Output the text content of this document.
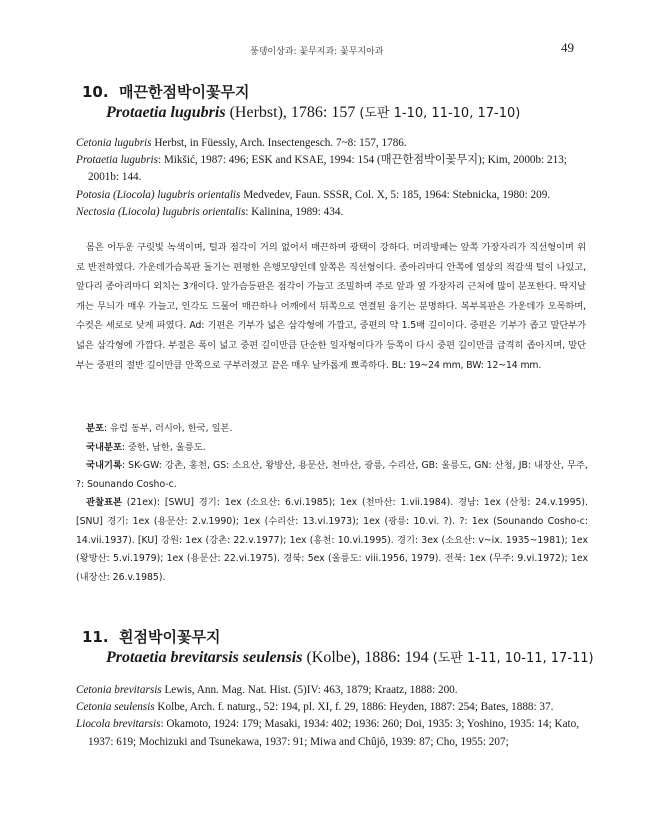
풍뎅이상과: 꽃무지과: 꽃무지아과	49
10. 매끈한점박이꽃무지
Protaetia lugubris (Herbst), 1786: 157 (도판 1-10, 11-10, 17-10)
Cetonia lugubris Herbst, in Füessly, Arch. Insectengesch. 7~8: 157, 1786.
Protaetia lugubris: Mikšić, 1987: 496; ESK and KSAE, 1994: 154 (매끈한점박이꽃무지); Kim, 2000b: 213; 2001b: 144.
Potosia (Liocola) lugubris orientalis Medvedev, Faun. SSSR, Col. X, 5: 185, 1964: Stebnicka, 1980: 209.
Nectosia (Liocola) lugubris orientalis: Kalinina, 1989: 434.
몸은 어두운 구릿빛 녹색이며, 털과 점각이 거의 없어서 매끈하며 광택이 강하다. 머리방패는 앞쪽 가장자리가 직선형이며 위로 반전하였다. 가운데가슴복판 돌기는 편평한 은행모양인데 앞쪽은 직선형이다. 종아리마디 안쪽에 열상의 적갈색 털이 나있고, 앞다리 종아리마디 외치는 3개이다. 앞가슴등판은 점각이 가늘고 조밀하며 주로 앞과 옆 가장자리 근처에 많이 분포한다. 딱지날개는 무늬가 매우 가늘고, 인각도 드물어 매끈하나 어깨에서 뒤쪽으로 연결된 융기는 분명하다. 복부복판은 가운데가 오목하며, 수컷은 세로로 낮게 파였다. Ad: 기편은 기부가 넓은 삼각형에 가깝고, 중편의 약 1.5배 길이이다. 중편은 기부가 좁고 말단부가 넓은 삼각형에 가깝다. 부절은 폭이 넓고 중편 길이만큼 단순한 일자형이다가 등쪽이 다시 중편 길이만큼 급격히 좁아지며, 말단부는 중편의 절반 길이만큼 안쪽으로 구부러졌고 끝은 매우 날카롭게 뾰족하다. BL: 19~24 mm, BW: 12~14 mm.

분포: 유럽 동부, 러시아, 한국, 일본.

국내분포: 중한, 남한, 울릉도.

국내기록: SK-GW: 강촌, 홍천, GS: 소요산, 왕방산, 용문산, 천마산, 광릉, 수리산, GB: 울릉도, GN: 산청, JB: 내장산, 무주, ?: Sounando Cosho-c.

관찰표본 (21ex): [SWU] 경기: 1ex (소요산: 6.vi.1985); 1ex (천마산: 1.vii.1984). 경남: 1ex (산청: 24.v.1995). [SNU] 경기: 1ex (용문산: 2.v.1990); 1ex (수리산: 13.vi.1973); 1ex (광릉: 10.vi. ?). ?: 1ex (Sounando Cosho-c: 14.vii.1937). [KU] 강원: 1ex (강촌: 22.v.1977); 1ex (홍천: 10.vi.1995). 경기: 3ex (소요산: v~ix. 1935~1981); 1ex (왕방산: 5.vi.1979); 1ex (용문산: 22.vi.1975). 경북: 5ex (울릉도: viii.1956, 1979). 전북: 1ex (무주: 9.vi.1972); 1ex (내장산: 26.v.1985).

11. 흰점박이꽃무지
Protaetia brevitarsis seulensis (Kolbe), 1886: 194 (도판 1-11, 10-11, 17-11)
Cetonia brevitarsis Lewis, Ann. Mag. Nat. Hist. (5)IV: 463, 1879; Kraatz, 1888: 200.
Cetonia seulensis Kolbe, Arch. f. naturg., 52: 194, pl. XI, f. 29, 1886: Heyden, 1887: 254; Bates, 1888: 37.
Liocola brevitarsis: Okamoto, 1924: 179; Masaki, 1934: 402; 1936: 260; Doi, 1935: 3; Yoshino, 1935: 14; Kato, 1937: 619; Mochizuki and Tsunekawa, 1937: 91; Miwa and Chûjô, 1939: 87; Cho, 1955: 207;
